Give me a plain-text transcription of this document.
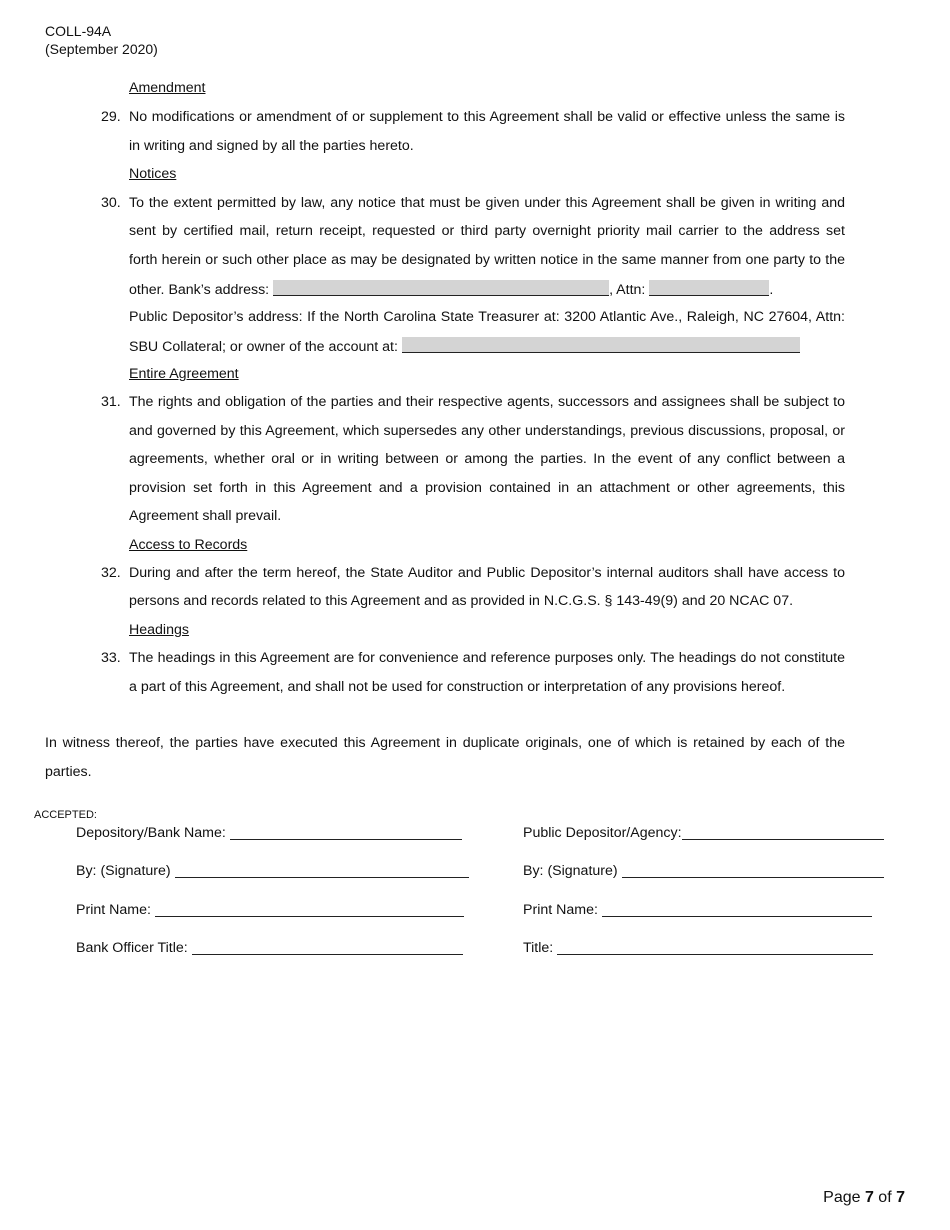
COLL-94A
(September 2020)
Amendment
29. No modifications or amendment of or supplement to this Agreement shall be valid or effective unless the same is
in writing and signed by all the parties hereto.
Notices
30. To the extent permitted by law, any notice that must be given under this Agreement shall be given in writing and
sent by certified mail, return receipt, requested or third party overnight priority mail carrier to the address set
forth herein or such other place as may be designated by written notice in the same manner from one party to the
other. Bank’s address:	, Attn:	.
Public Depositor’s address: If the North Carolina State Treasurer at: 3200 Atlantic Ave., Raleigh, NC 27604, Attn:
SBU Collateral; or owner of the account at:
Entire Agreement
31. The rights and obligation of the parties and their respective agents, successors and assignees shall be subject to
and governed by this Agreement, which supersedes any other understandings, previous discussions, proposal, or
agreements, whether oral or in writing between or among the parties. In the event of any conflict between a
provision set forth in this Agreement and a provision contained in an attachment or other agreements, this
Agreement shall prevail.
Access to Records
32. During and after the term hereof, the State Auditor and Public Depositor’s internal auditors shall have access to
persons and records related to this Agreement and as provided in N.C.G.S. § 143-49(9) and 20 NCAC 07.
Headings
33. The headings in this Agreement are for convenience and reference purposes only. The headings do not constitute
a part of this Agreement, and shall not be used for construction or interpretation of any provisions hereof.
In witness thereof, the parties have executed this Agreement in duplicate originals, one of which is retained by each of the
parties.
ACCEPTED:
Depository/Bank Name:
By: (Signature)
Print Name:
Bank Officer Title:
Public Depositor/Agency:
By: (Signature)
Print Name:
Title:
Page 7 of 7
